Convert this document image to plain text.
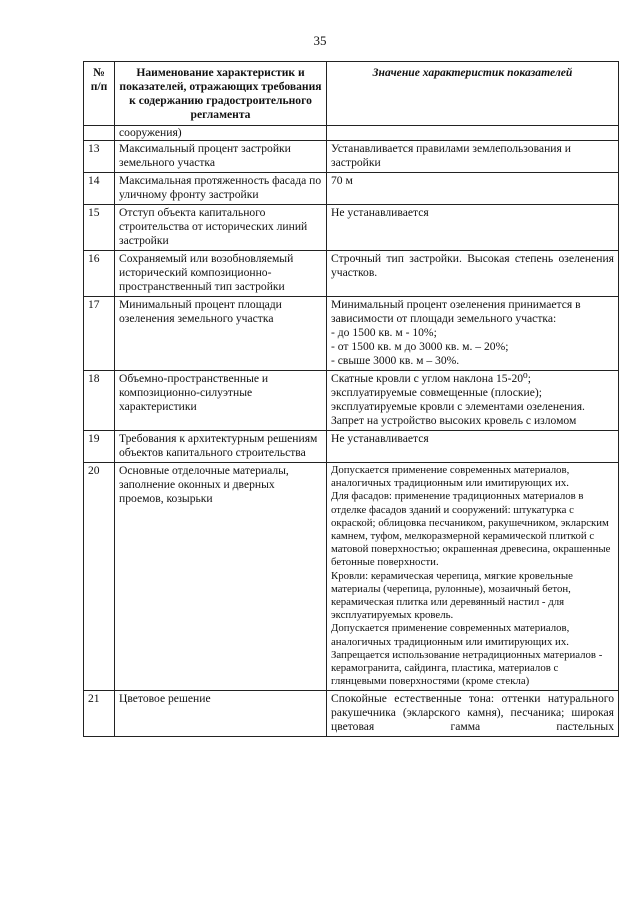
35
№ п/п	Наименование характеристик и показателей, отражающих требования к содержанию градостроительного регламента	Значение характеристик показателей
	сооружения)	
13	Максимальный процент застройки земельного участка	Устанавливается правилами землепользования и застройки

14	Максимальная протяженность фасада по уличному фронту застройки	70 м

15	Отступ объекта капитального строительства от исторических линий застройки	Не устанавливается

16	Сохраняемый или возобновляемый исторический композиционно-пространственный тип застройки	Строчный тип застройки. Высокая степень озеленения участков.

17	Минимальный процент площади озеленения земельного участка	Минимальный процент озеленения принимается в зависимости от площади земельного участка:
- до 1500 кв. м - 10%;
- от 1500 кв. м до 3000 кв. м. – 20%;
- свыше 3000 кв. м – 30%.

18	Объемно-пространственные и композиционно-силуэтные характеристики	Скатные кровли с углом наклона 15-20⁰;
эксплуатируемые совмещенные (плоские);
эксплуатируемые кровли с элементами озеленения.
Запрет на устройство высоких кровель с изломом

19	Требования к архитектурным решениям объектов капитального строительства	Не устанавливается

20	Основные отделочные материалы, заполнение оконных и дверных проемов, козырьки	Допускается применение современных материалов, аналогичных традиционным или имитирующих их.
Для фасадов: применение традиционных материалов в отделке фасадов зданий и сооружений: штукатурка с окраской; облицовка песчаником, ракушечником, экларским камнем, туфом, мелкоразмерной керамической плиткой с матовой поверхностью; окрашенная древесина, окрашенные бетонные поверхности.
Кровли: керамическая черепица, мягкие кровельные материалы (черепица, рулонные), мозаичный бетон, керамическая плитка или деревянный настил - для эксплуатируемых кровель.
Допускается применение современных материалов, аналогичных традиционным или имитирующих их.
Запрещается использование нетрадиционных материалов - керамогранита, сайдинга, пластика, материалов с глянцевыми поверхностями (кроме стекла)

21	Цветовое решение	Спокойные естественные тона: оттенки натурального ракушечника (экларского камня), песчаника; широкая цветовая гамма пастельных
